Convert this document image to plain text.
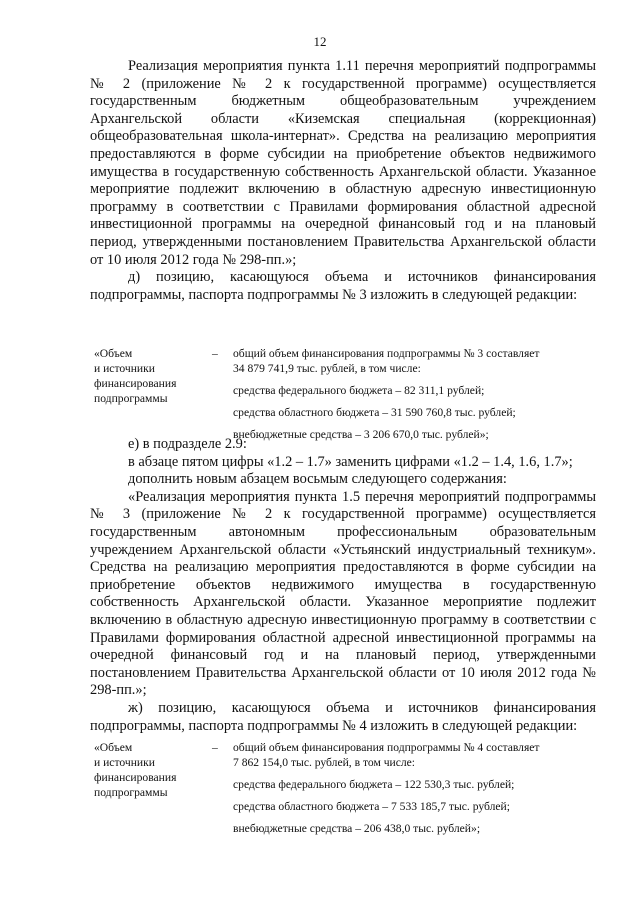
12

Реализация мероприятия пункта 1.11 перечня мероприятий подпрограммы № 2 (приложение № 2 к государственной программе) осуществляется государственным бюджетным общеобразовательным учреждением Архангельской области «Киземская специальная (коррекционная) общеобразовательная школа-интернат». Средства на реализацию мероприятия предоставляются в форме субсидии на приобретение объектов недвижимого имущества в государственную собственность Архангельской области. Указанное мероприятие подлежит включению в областную адресную инвестиционную программу в соответствии с Правилами формирования областной адресной инвестиционной программы на очередной финансовый год и на плановый период, утвержденными постановлением Правительства Архангельской области от 10 июля 2012 года № 298-пп.»;

д) позицию, касающуюся объема и источников финансирования подпрограммы, паспорта подпрограммы № 3 изложить в следующей редакции:

«Объем
и источники
финансирования
подпрограммы
– общий объем финансирования подпрограммы № 3 составляет
34 879 741,9 тыс. рублей, в том числе:
средства федерального бюджета – 82 311,1 рублей;
средства областного бюджета – 31 590 760,8 тыс. рублей;
внебюджетные средства – 3 206 670,0 тыс. рублей»;

е) в подразделе 2.9:

в абзаце пятом цифры «1.2 – 1.7» заменить цифрами «1.2 – 1.4, 1.6, 1.7»;

дополнить новым абзацем восьмым следующего содержания:

«Реализация мероприятия пункта 1.5 перечня мероприятий подпрограммы № 3 (приложение № 2 к государственной программе) осуществляется государственным автономным профессиональным образовательным учреждением Архангельской области «Устьянский индустриальный техникум». Средства на реализацию мероприятия предоставляются в форме субсидии на приобретение объектов недвижимого имущества в государственную собственность Архангельской области. Указанное мероприятие подлежит включению в областную адресную инвестиционную программу в соответствии с Правилами формирования областной адресной инвестиционной программы на очередной финансовый год и на плановый период, утвержденными постановлением Правительства Архангельской области от 10 июля 2012 года № 298-пп.»;

ж) позицию, касающуюся объема и источников финансирования подпрограммы, паспорта подпрограммы № 4 изложить в следующей редакции:

«Объем
и источники
финансирования
подпрограммы
– общий объем финансирования подпрограммы № 4 составляет
7 862 154,0 тыс. рублей, в том числе:
средства федерального бюджета – 122 530,3 тыс. рублей;
средства областного бюджета – 7 533 185,7 тыс. рублей;
внебюджетные средства – 206 438,0 тыс. рублей»;
